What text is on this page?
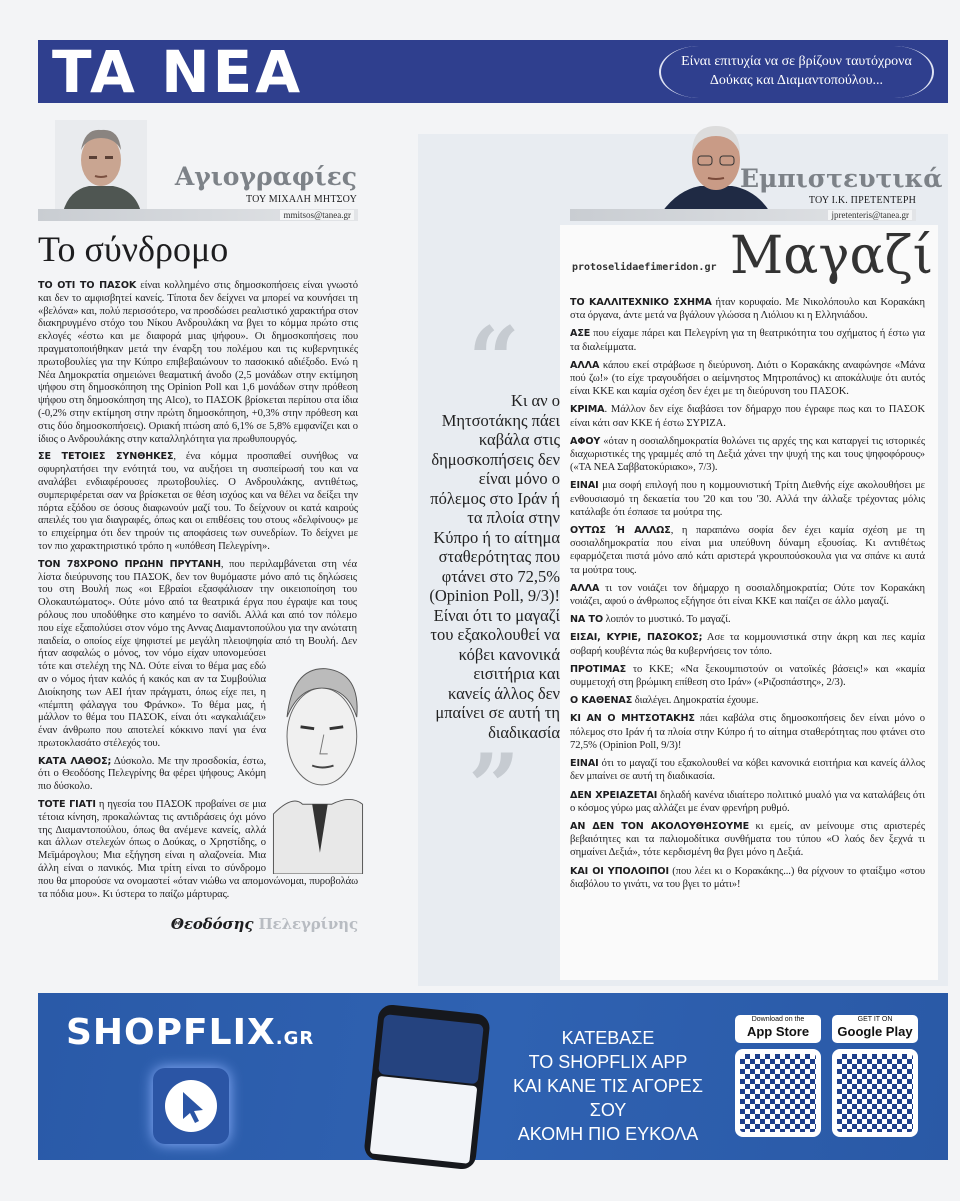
TA NEA	Είναι επιτυχία να σε βρίζουν ταυτόχρονα Δούκας και Διαμαντοπούλου...
Αγιογραφίες
ΤΟΥ ΜΙΧΑΛΗ ΜΗΤΣΟΥ
mmitsos@tanea.gr
Το σύνδρομο

ΤΟ ΟΤΙ ΤΟ ΠΑΣΟΚ είναι κολλημένο στις δημοσκοπήσεις είναι γνωστό και δεν το αμφισβητεί κανείς. Τίποτα δεν δείχνει να μπορεί να κουνήσει τη «βελόνα» και, πολύ περισσότερο, να προσδώσει ρεαλιστικό χαρακτήρα στον διακηρυγμένο στόχο του Νίκου Ανδρουλάκη να βγει το κόμμα πρώτο στις εκλογές «έστω και με διαφορά μιας ψήφου». Οι δημοσκοπήσεις που πραγματοποιήθηκαν μετά την έναρξη του πολέμου και τις κυβερνητικές πρωτοβουλίες για την Κύπρο επιβεβαιώνουν το πασοκικό αδιέξοδο. Ενώ η Νέα Δημοκρατία σημειώνει θεαματική άνοδο (2,5 μονάδων στην εκτίμηση ψήφου στη δημοσκόπηση της Opinion Poll και 1,6 μονάδων στην πρόθεση ψήφου στη δημοσκόπηση της Alco), το ΠΑΣΟΚ βρίσκεται περίπου στα ίδια (-0,2% στην εκτίμηση στην πρώτη δημοσκόπηση, +0,3% στην πρόθεση και στις δύο δημοσκοπήσεις). Οριακή πτώση από 6,1% σε 5,8% εμφανίζει και ο ίδιος ο Ανδρουλάκης στην καταλληλότητα για πρωθυπουργός.

ΣΕ ΤΕΤΟΙΕΣ ΣΥΝΘΗΚΕΣ, ένα κόμμα προσπαθεί συνήθως να σφυρηλατήσει την ενότητά του, να αυξήσει τη συσπείρωσή του και να αναλάβει ενδιαφέρουσες πρωτοβουλίες. Ο Ανδρουλάκης, αντιθέτως, συμπεριφέρεται σαν να βρίσκεται σε θέση ισχύος και να θέλει να δείξει την πόρτα εξόδου σε όσους διαφωνούν μαζί του. Το δείχνουν οι κατά καιρούς απειλές του για διαγραφές, όπως και οι επιθέσεις του στους «δελφίνους» με το επιχείρημα ότι δεν τηρούν τις αποφάσεις των συνεδρίων. Το δείχνει με τον πιο χαρακτηριστικό τρόπο η «υπόθεση Πελεγρίνη».

ΤΟΝ 78ΧΡΟΝΟ ΠΡΩΗΝ ΠΡΥΤΑΝΗ, που περιλαμβάνεται στη νέα λίστα διεύρυνσης του ΠΑΣΟΚ, δεν τον θυμόμαστε μόνο από τις δηλώσεις του στη Βουλή πως «οι Εβραίοι εξασφάλισαν την οικειοποίηση του Ολοκαυτώματος». Ούτε μόνο από τα θεατρικά έργα που έγραψε και τους ρόλους που υποδύθηκε στο καημένο το σανίδι. Αλλά και από τον πόλεμο που είχε εξαπολύσει στον νόμο της Αννας Διαμαντοπούλου για την ανώτατη παιδεία, ο οποίος είχε ψηφιστεί με μεγάλη πλειοψηφία από τη Βουλή. Δεν ήταν ασφαλώς ο μόνος, τον νόμο είχαν υπονομεύσει τότε και στελέχη της ΝΔ. Ούτε είναι το θέμα μας εδώ αν ο νόμος ήταν καλός ή κακός και αν τα Συμβούλια Διοίκησης των ΑΕΙ ήταν πράγματι, όπως είχε πει, η «πέμπτη φάλαγγα του Φράνκο». Το θέμα μας, ή μάλλον το θέμα του ΠΑΣΟΚ, είναι ότι «αγκαλιάζει» έναν άνθρωπο που αποτελεί κόκκινο πανί για ένα πρωτοκλασάτο στέλεχός του.

ΚΑΤΑ ΛΑΘΟΣ; Δύσκολο. Με την προσδοκία, έστω, ότι ο Θεοδόσης Πελεγρίνης θα φέρει ψήφους; Ακόμη πιο δύσκολο.

ΤΟΤΕ ΓΙΑΤΙ η ηγεσία του ΠΑΣΟΚ προβαίνει σε μια τέτοια κίνηση, προκαλώντας τις αντιδράσεις όχι μόνο της Διαμαντοπούλου, όπως θα ανέμενε κανείς, αλλά και άλλων στελεχών όπως ο Δούκας, ο Χρηστίδης, ο Μεϊμάρογλου; Μια εξήγηση είναι η αλαζονεία. Μια άλλη είναι ο πανικός. Μια τρίτη είναι το σύνδρομο που θα μπορούσε να ονομαστεί «όταν νιώθω να απομονώνομαι, πυροβολάω τα πόδια μου». Κι ύστερα το παίζω μάρτυρας.

Θεοδόσης Πελεγρίνης
Εμπιστευτικά
ΤΟΥ Ι.Κ. ΠΡΕΤΕΝΤΕΡΗ
jpretenteris@tanea.gr
Μαγαζί
protoselidaefimeridon.gr
“
Κι αν ο Μητσοτάκης πάει καβάλα στις δημοσκοπήσεις δεν είναι μόνο ο πόλεμος στο Ιράν ή τα πλοία στην Κύπρο ή το αίτημα σταθερότητας που φτάνει στο 72,5% (Opinion Poll, 9/3)! Είναι ότι το μαγαζί του εξακολουθεί να κόβει κανονικά εισιτήρια και κανείς άλλος δεν μπαίνει σε αυτή τη διαδικασία
”

ΤΟ ΚΑΛΛΙΤΕΧΝΙΚΟ ΣΧΗΜΑ ήταν κορυφαίο. Με Νικολόπουλο και Κορακάκη στα όργανα, άντε μετά να βγάλουν γλώσσα η Λιόλιου κι η Ελληνιάδου.

ΑΣΕ που είχαμε πάρει και Πελεγρίνη για τη θεατρικότητα του σχήματος ή έστω για τα διαλείμματα.

ΑΛΛΑ κάπου εκεί στράβωσε η διεύρυνση. Διότι ο Κορακάκης αναφώνησε «Μάνα πού ζω!» (το είχε τραγουδήσει ο αείμνηστος Μητροπάνος) κι αποκάλυψε ότι αυτός είναι ΚΚΕ και καμία σχέση δεν έχει με τη διεύρυνση του ΠΑΣΟΚ.

ΚΡΙΜΑ. Μάλλον δεν είχε διαβάσει τον δήμαρχο που έγραφε πως και το ΠΑΣΟΚ είναι κάτι σαν ΚΚΕ ή έστω ΣΥΡΙΖΑ.

ΑΦΟΥ «όταν η σοσιαλδημοκρατία θολώνει τις αρχές της και καταργεί τις ιστορικές διαχωριστικές της γραμμές από τη Δεξιά χάνει την ψυχή της και τους ψηφοφόρους» («ΤΑ ΝΕΑ Σαββατοκύριακο», 7/3).

ΕΙΝΑΙ μια σοφή επιλογή που η κομμουνιστική Τρίτη Διεθνής είχε ακολουθήσει με ενθουσιασμό τη δεκαετία του '20 και του '30. Αλλά την άλλαξε τρέχοντας μόλις κατάλαβε ότι έσπασε τα μούτρα της.

ΟΥΤΩΣ Ή ΑΛΛΩΣ, η παραπάνω σοφία δεν έχει καμία σχέση με τη σοσιαλδημοκρατία που είναι μια υπεύθυνη δύναμη εξουσίας. Κι αντιθέτως εφαρμόζεται πιστά μόνο από κάτι αριστερά γκρουπούσκουλα για να σπάνε κι αυτά τα μούτρα τους.

ΑΛΛΑ τι τον νοιάζει τον δήμαρχο η σοσιαλδημοκρατία; Ούτε τον Κορακάκη νοιάζει, αφού ο άνθρωπος εξήγησε ότι είναι ΚΚΕ και παίζει σε άλλο μαγαζί.

ΝΑ ΤΟ λοιπόν το μυστικό. Το μαγαζί.

ΕΙΣΑΙ, ΚΥΡΙΕ, ΠΑΣΟΚΟΣ; Ασε τα κομμουνιστικά στην άκρη και πες καμία σοβαρή κουβέντα πώς θα κυβερνήσεις τον τόπο.

ΠΡΟΤΙΜΑΣ το ΚΚΕ; «Να ξεκουμπιστούν οι νατοϊκές βάσεις!» και «καμία συμμετοχή στη βρώμικη επίθεση στο Ιράν» («Ριζοσπάστης», 2/3).

Ο ΚΑΘΕΝΑΣ διαλέγει. Δημοκρατία έχουμε.

ΚΙ ΑΝ Ο ΜΗΤΣΟΤΑΚΗΣ πάει καβάλα στις δημοσκοπήσεις δεν είναι μόνο ο πόλεμος στο Ιράν ή τα πλοία στην Κύπρο ή το αίτημα σταθερότητας που φτάνει στο 72,5% (Opinion Poll, 9/3)!

ΕΙΝΑΙ ότι το μαγαζί του εξακολουθεί να κόβει κανονικά εισιτήρια και κανείς άλλος δεν μπαίνει σε αυτή τη διαδικασία.

ΔΕΝ ΧΡΕΙΑΖΕΤΑΙ δηλαδή κανένα ιδιαίτερο πολιτικό μυαλό για να καταλάβεις ότι ο κόσμος γύρω μας αλλάζει με έναν φρενήρη ρυθμό.

ΑΝ ΔΕΝ ΤΟΝ ΑΚΟΛΟΥΘΗΣΟΥΜΕ κι εμείς, αν μείνουμε στις αριστερές βεβαιότητες και τα παλιομοδίτικα συνθήματα του τύπου «Ο λαός δεν ξεχνά τι σημαίνει Δεξιά», τότε κερδισμένη θα βγει μόνο η Δεξιά.

ΚΑΙ ΟΙ ΥΠΟΛΟΙΠΟΙ (που λέει κι ο Κορακάκης...) θα ρίχνουν το φταίξιμο «στου διαβόλου το γινάτι, να του βγει το μάτι»!

SHOPFLIX.GR	ΚΑΤΕΒΑΣΕ
ΤΟ SHOPFLIX APP
ΚΑΙ ΚΑΝΕ ΤΙΣ ΑΓΟΡΕΣ ΣΟΥ
ΑΚΟΜΗ ΠΙΟ ΕΥΚΟΛΑ
Download on the
App Store
GET IT ON
Google Play
